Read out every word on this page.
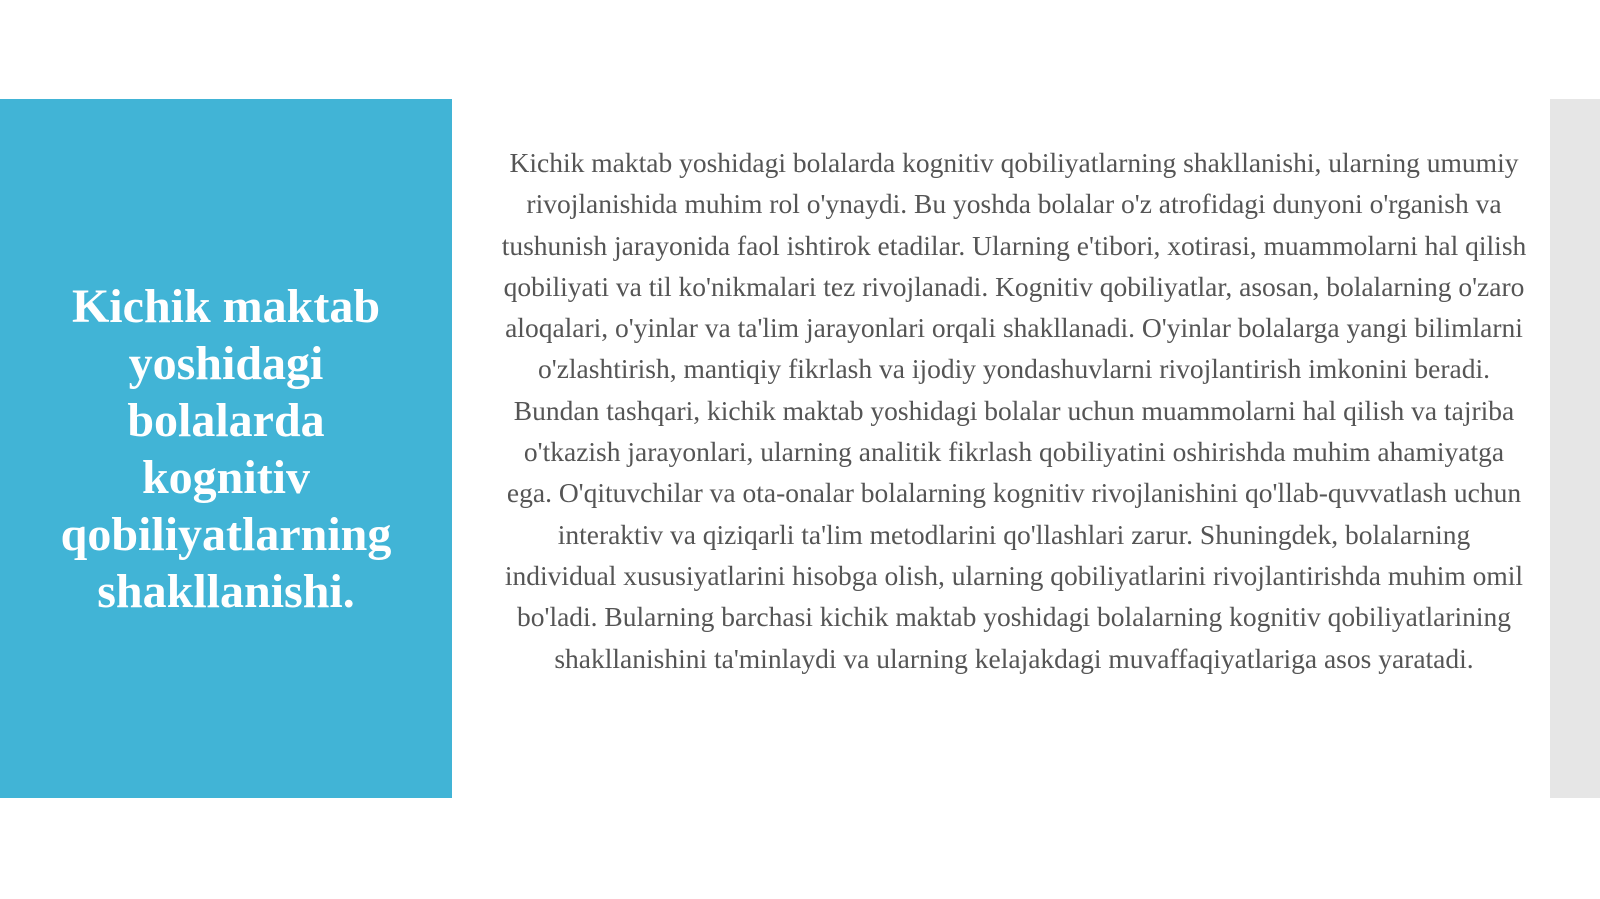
Kichik maktab
yoshidagi
bolalarda
kognitiv
qobiliyatlarning
shakllanishi.

Kichik maktab yoshidagi bolalarda kognitiv qobiliyatlarning shakllanishi, ularning umumiy rivojlanishida muhim rol o'ynaydi. Bu yoshda bolalar o'z atrofidagi dunyoni o'rganish va tushunish jarayonida faol ishtirok etadilar. Ularning e'tibori, xotirasi, muammolarni hal qilish qobiliyati va til ko'nikmalari tez rivojlanadi. Kognitiv qobiliyatlar, asosan, bolalarning o'zaro aloqalari, o'yinlar va ta'lim jarayonlari orqali shakllanadi. O'yinlar bolalarga yangi bilimlarni o'zlashtirish, mantiqiy fikrlash va ijodiy yondashuvlarni rivojlantirish imkonini beradi. Bundan tashqari, kichik maktab yoshidagi bolalar uchun muammolarni hal qilish va tajriba o'tkazish jarayonlari, ularning analitik fikrlash qobiliyatini oshirishda muhim ahamiyatga ega. O'qituvchilar va ota-onalar bolalarning kognitiv rivojlanishini qo'llab-quvvatlash uchun interaktiv va qiziqarli ta'lim metodlarini qo'llashlari zarur. Shuningdek, bolalarning individual xususiyatlarini hisobga olish, ularning qobiliyatlarini rivojlantirishda muhim omil bo'ladi. Bularning barchasi kichik maktab yoshidagi bolalarning kognitiv qobiliyatlarining shakllanishini ta'minlaydi va ularning kelajakdagi muvaffaqiyatlariga asos yaratadi.
